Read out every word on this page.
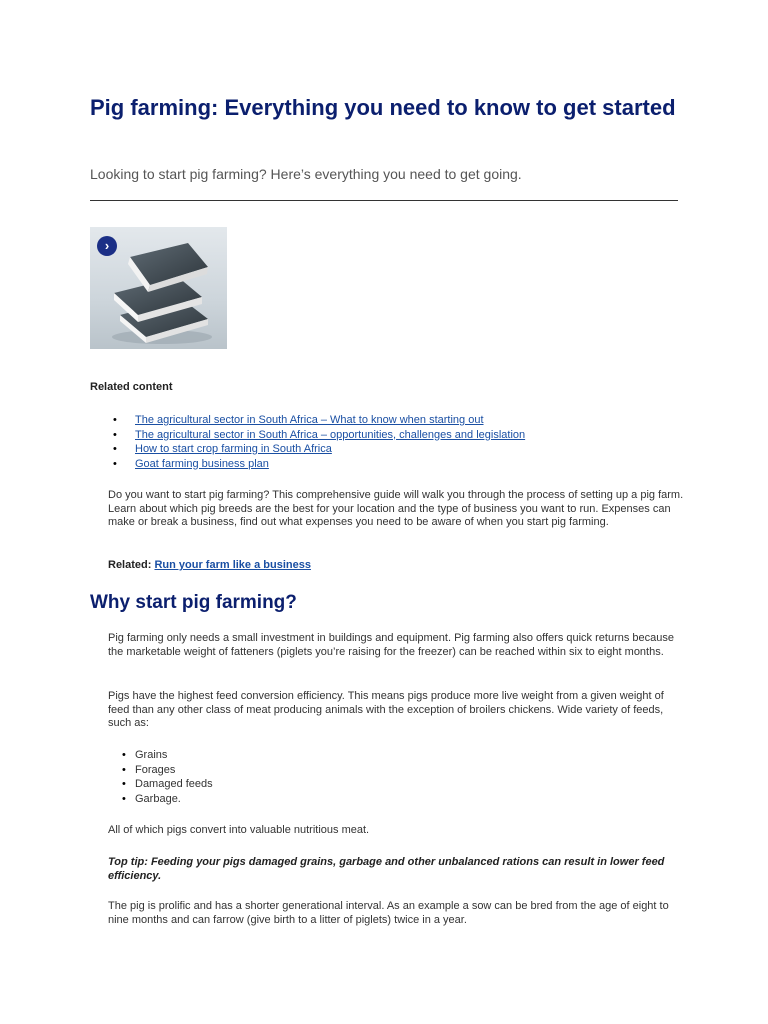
Pig farming: Everything you need to know to get started

Looking to start pig farming? Here’s everything you need to get going.

›
Related content
• The agricultural sector in South Africa – What to know when starting out
• The agricultural sector in South Africa – opportunities, challenges and legislation
• How to start crop farming in South Africa
• Goat farming business plan

Do you want to start pig farming? This comprehensive guide will walk you through the process of setting up a pig farm. Learn about which pig breeds are the best for your location and the type of business you want to run. Expenses can make or break a business, find out what expenses you need to be aware of when you start pig farming.

Related: Run your farm like a business

Why start pig farming?

Pig farming only needs a small investment in buildings and equipment. Pig farming also offers quick returns because the marketable weight of fatteners (piglets you’re raising for the freezer) can be reached within six to eight months.

Pigs have the highest feed conversion efficiency. This means pigs produce more live weight from a given weight of feed than any other class of meat producing animals with the exception of broilers chickens. Wide variety of feeds, such as:

• Grains
• Forages
• Damaged feeds
• Garbage.

All of which pigs convert into valuable nutritious meat.

Top tip: Feeding your pigs damaged grains, garbage and other unbalanced rations can result in lower feed efficiency.

The pig is prolific and has a shorter generational interval. As an example a sow can be bred from the age of eight to nine months and can farrow (give birth to a litter of piglets) twice in a year.
